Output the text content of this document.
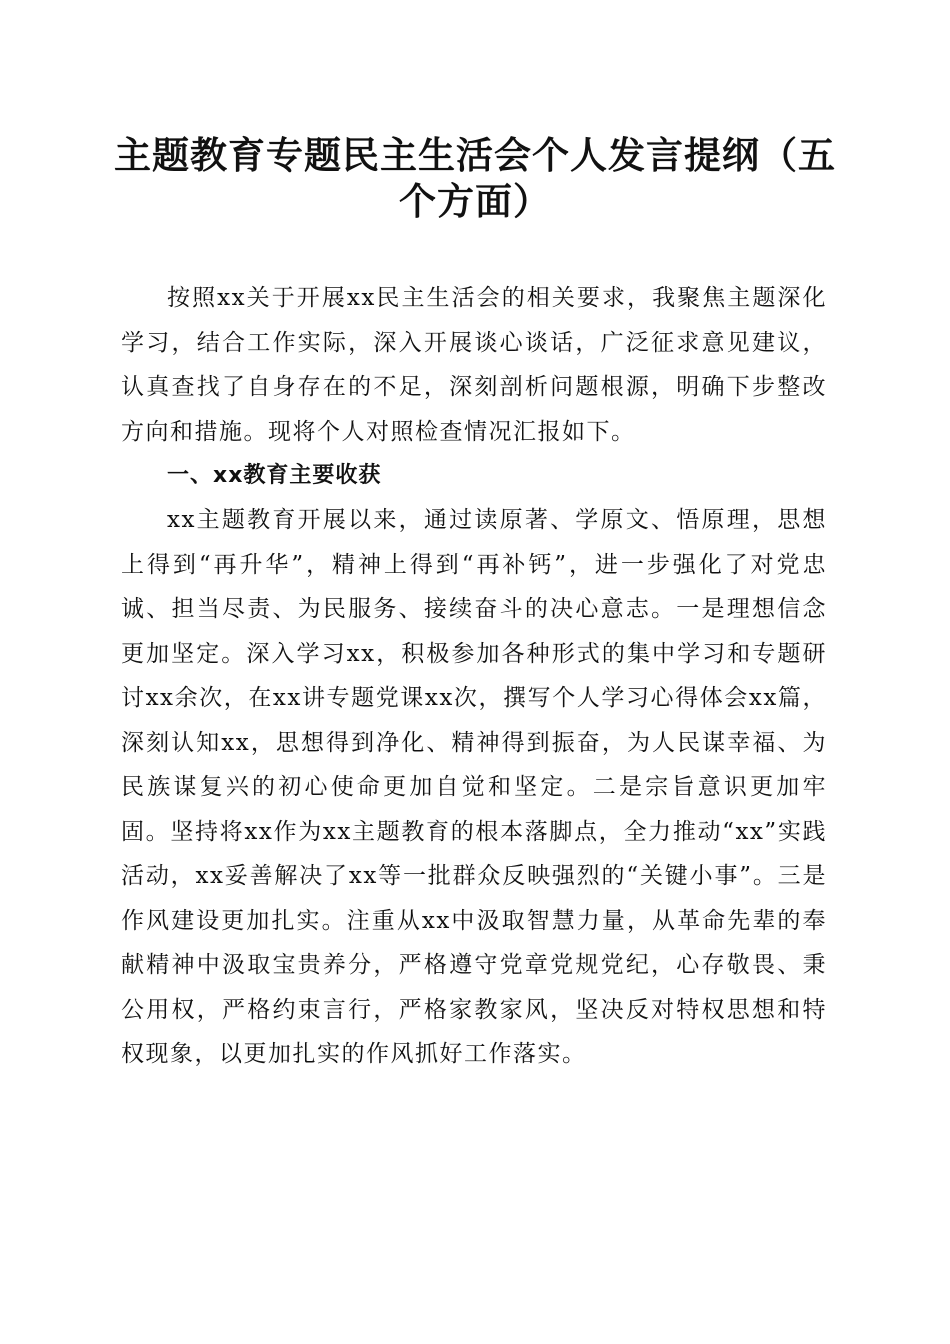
主题教育专题民主生活会个人发言提纲（五个方面）

按照xx关于开展xx民主生活会的相关要求，我聚焦主题深化学习，结合工作实际，深入开展谈心谈话，广泛征求意见建议，认真查找了自身存在的不足，深刻剖析问题根源，明确下步整改方向和措施。现将个人对照检查情况汇报如下。

一、xx教育主要收获

xx主题教育开展以来，通过读原著、学原文、悟原理，思想上得到“再升华”，精神上得到“再补钙”，进一步强化了对党忠诚、担当尽责、为民服务、接续奋斗的决心意志。一是理想信念更加坚定。深入学习xx，积极参加各种形式的集中学习和专题研讨xx余次，在xx讲专题党课xx次，撰写个人学习心得体会xx篇，深刻认知xx，思想得到净化、精神得到振奋，为人民谋幸福、为民族谋复兴的初心使命更加自觉和坚定。二是宗旨意识更加牢固。坚持将xx作为xx主题教育的根本落脚点，全力推动“xx”实践活动，xx妥善解决了xx等一批群众反映强烈的“关键小事”。三是作风建设更加扎实。注重从xx中汲取智慧力量，从革命先辈的奉献精神中汲取宝贵养分，严格遵守党章党规党纪，心存敬畏、秉公用权，严格约束言行，严格家教家风，坚决反对特权思想和特权现象，以更加扎实的作风抓好工作落实。
